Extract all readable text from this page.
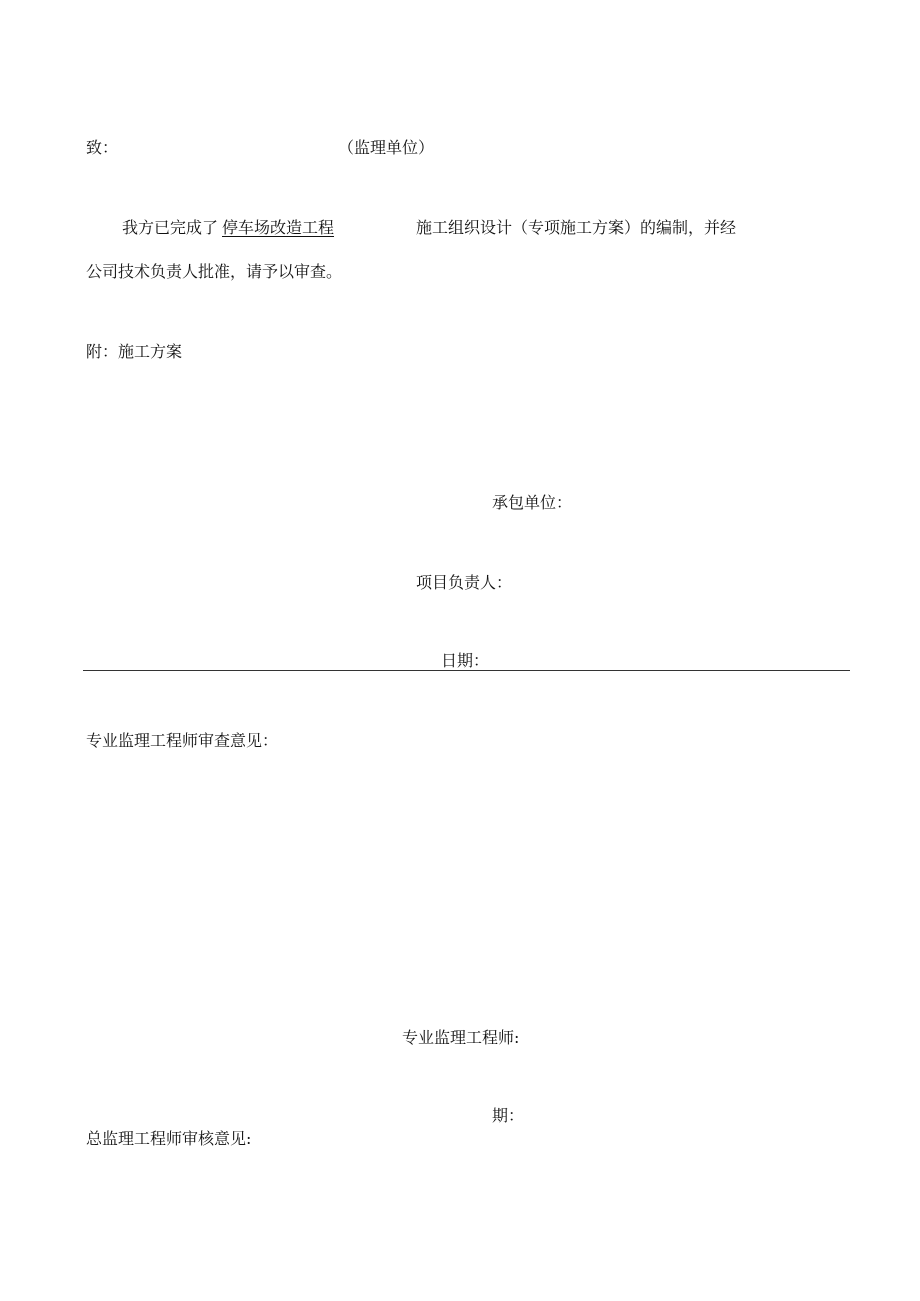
致：	（监理单位）
我方已完成了 停车场改造工程	施工组织设计（专项施工方案）的编制，并经
公司技术负责人批准，请予以审查。
附：施工方案
承包单位：
项目负责人：
日期：
专业监理工程师审查意见：
专业监理工程师:
期：
总监理工程师审核意见:
